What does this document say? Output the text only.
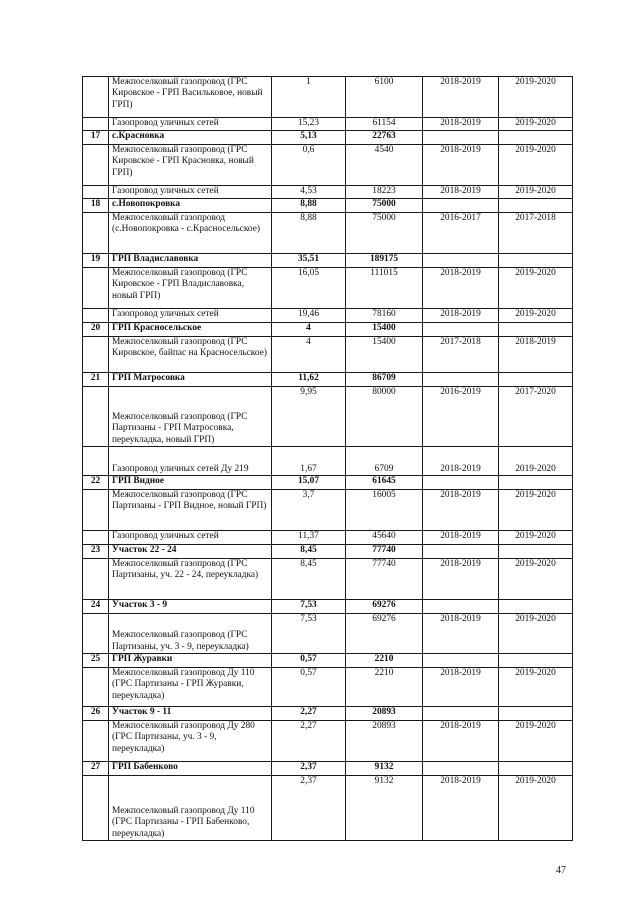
	Межпоселковый газопровод (ГРС Кировское - ГРП Васильковое, новый ГРП)	1	6100	2018-2019	2019-2020
	Газопровод уличных сетей	15,23	61154	2018-2019	2019-2020
17	с.Красновка	5,13	22763		
	Межпоселковый газопровод (ГРС Кировское - ГРП Красновка, новый ГРП)	0,6	4540	2018-2019	2019-2020
	Газопровод уличных сетей	4,53	18223	2018-2019	2019-2020
18	с.Новопокровка	8,88	75000		
	Межпоселковый газопровод (с.Новопокровка - с.Красносельское)	8,88	75000	2016-2017	2017-2018
19	ГРП Владиславовка	35,51	189175		
	Межпоселковый газопровод (ГРС Кировское - ГРП Владиславовка, новый ГРП)	16,05	111015	2018-2019	2019-2020
	Газопровод уличных сетей	19,46	78160	2018-2019	2019-2020
20	ГРП Красносельское	4	15400		
	Межпоселковый газопровод (ГРС Кировское, байпас на Красносельское)	4	15400	2017-2018	2018-2019
21	ГРП Матросовка	11,62	86709		
	Межпоселковый газопровод (ГРС Партизаны - ГРП Матросовка, переукладка, новый ГРП)	9,95	80000	2016-2019	2017-2020
	Газопровод уличных сетей Ду 219	1,67	6709	2018-2019	2019-2020
22	ГРП Видное	15,07	61645		
	Межпоселковый газопровод (ГРС Партизаны - ГРП Видное, новый ГРП)	3,7	16005	2018-2019	2019-2020
	Газопровод уличных сетей	11,37	45640	2018-2019	2019-2020
23	Участок 22 - 24	8,45	77740		
	Межпоселковый газопровод (ГРС Партизаны, уч. 22 - 24, переукладка)	8,45	77740	2018-2019	2019-2020
24	Участок 3 - 9	7,53	69276		
	Межпоселковый газопровод (ГРС Партизаны, уч. 3 - 9, переукладка)	7,53	69276	2018-2019	2019-2020
25	ГРП Журавки	0,57	2210		
	Межпоселковый газопровод Ду 110 (ГРС Партизаны - ГРП Журавки, переукладка)	0,57	2210	2018-2019	2019-2020
26	Участок 9 - 11	2,27	20893		
	Межпоселковый газопровод Ду 280 (ГРС Партизаны, уч. 3 - 9, переукладка)	2,27	20893	2018-2019	2019-2020
27	ГРП Бабенково	2,37	9132		
	Межпоселковый газопровод Ду 110 (ГРС Партизаны - ГРП Бабенково, переукладка)	2,37	9132	2018-2019	2019-2020
47
